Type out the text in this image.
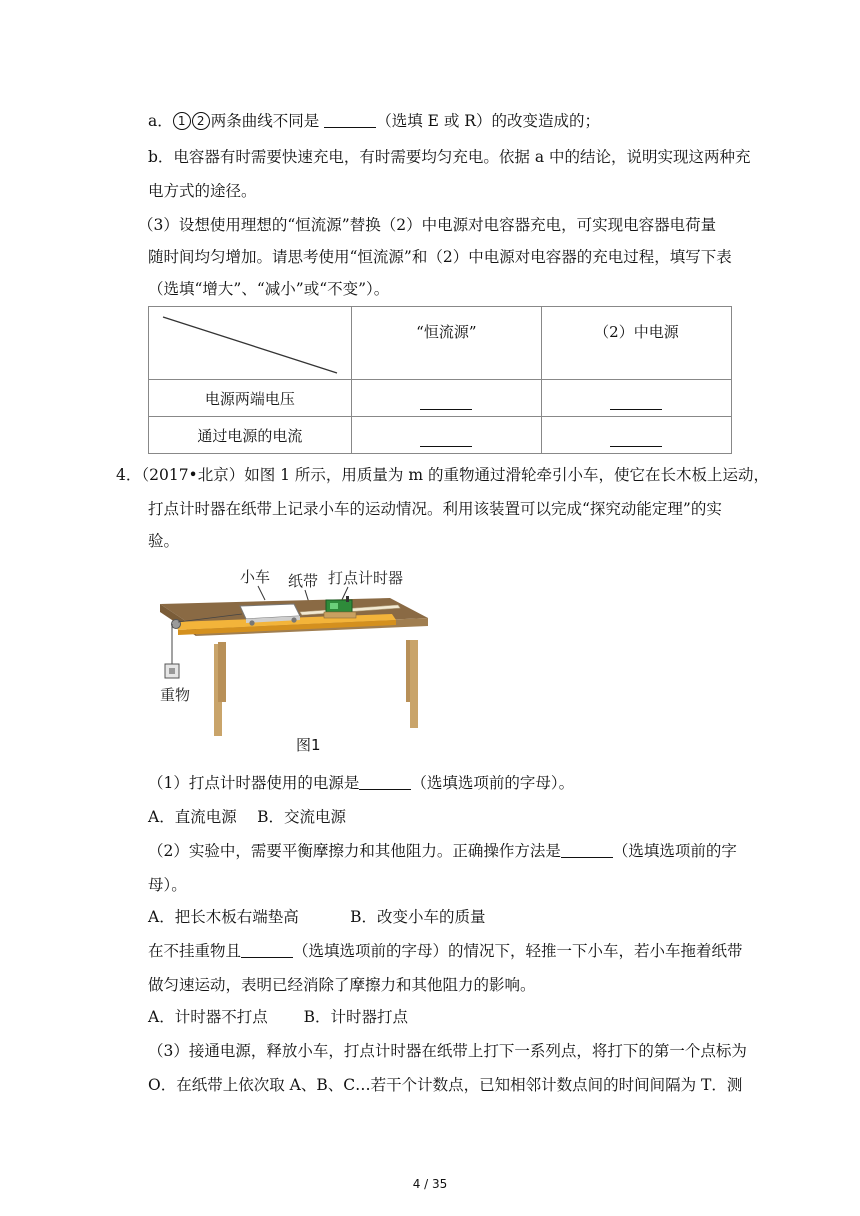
a． 1 2 两条曲线不同是	（选填 E 或 R）的改变造成的；
b．电容器有时需要快速充电，有时需要均匀充电。依据 a 中的结论，说明实现这两种充
电方式的途径。
（3）设想使用理想的“恒流源”替换（2）中电源对电容器充电，可实现电容器电荷量
随时间均匀增加。请思考使用“恒流源”和（2）中电源对电容器的充电过程，填写下表
（选填“增大”、“减小”或“不变”）。
	“恒流源”	（2）中电源
电源两端电压		
通过电源的电流		
4．（2017•北京）如图 1 所示，用质量为 m 的重物通过滑轮牵引小车，使它在长木板上运动，
打点计时器在纸带上记录小车的运动情况。利用该装置可以完成“探究动能定理”的实
验。
小车 纸带 打点计时器
重物
图1
（1）打点计时器使用的电源是	（选填选项前的字母）。
A．直流电源　 B．交流电源
（2）实验中，需要平衡摩擦力和其他阻力。正确操作方法是	（选填选项前的字
母）。
A．把长木板右端垫高　　　 B．改变小车的质量
在不挂重物且	（选填选项前的字母）的情况下，轻推一下小车，若小车拖着纸带
做匀速运动，表明已经消除了摩擦力和其他阻力的影响。
A．计时器不打点　　 B．计时器打点
（3）接通电源，释放小车，打点计时器在纸带上打下一系列点，将打下的第一个点标为
O．在纸带上依次取 A、B、C…若干个计数点，已知相邻计数点间的时间间隔为 T．测
4 / 35
